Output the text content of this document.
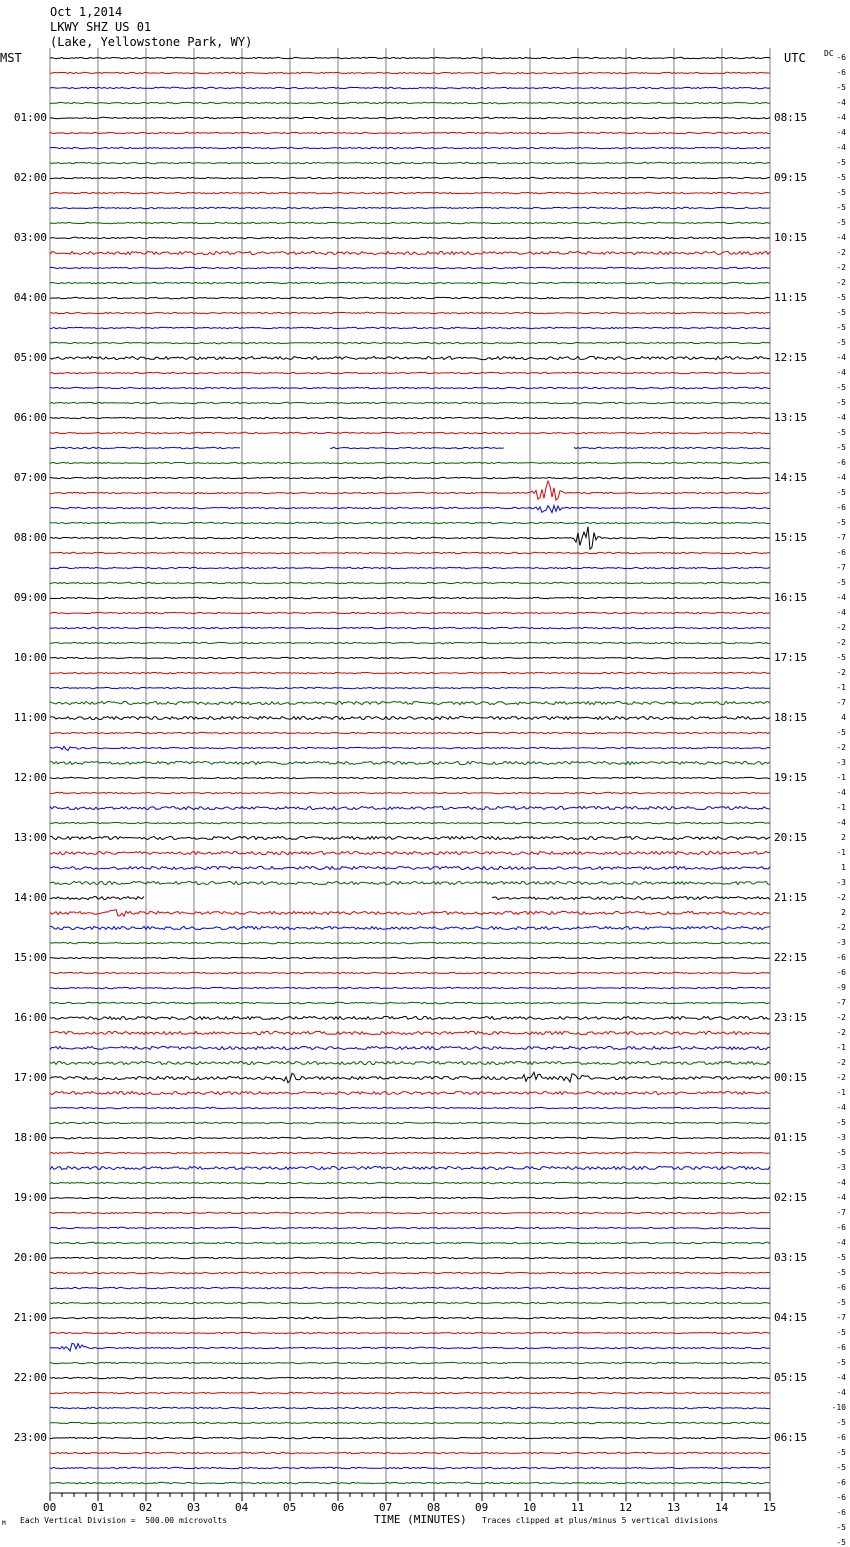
Oct 1,2014
LKWY SHZ US 01
(Lake, Yellowstone Park, WY)
MST	UTC DC
01:00
02:00
03:00
04:00
05:00
06:00
07:00
08:00
09:00
10:00
11:00
12:00
13:00
14:00
15:00
16:00
17:00
18:00
19:00
20:00
21:00
22:00
23:00
08:15
09:15
10:15
11:15
12:15
13:15
14:15
15:15
16:15
17:15
18:15
19:15
20:15
21:15
22:15
23:15
00:15
01:15
02:15
03:15
04:15
05:15
06:15
-6
-6
-5
-4
-4
-4
-4
-5
-5
-5
-5
-5
-4
-2
-2
-2
-5
-5
-5
-5
-4
-4
-5
-5
-4
-5
-5
-6
-4
-5
-6
-5
-7
-6
-7
-5
-4
-4
-2
-2
-5
-2
-1
-7
4
-5
-2
-3
-1
-4
-1
-4
2
-1
1
-3
-2
2
-2
-3
-6
-6
-9
-7
-2
-2
-1
-2
-2
-1
-4
-5
-3
-5
-3
-4
-4
-7
-6
-4
-5
-5
-6
-5
-7
-5
-6
-5
-4
-4
-10
-5
-6
-5
-5
-6
-6
-6
-5
-5
00	01	02	03	04	05	06	07	08	09	10	11	12	13	14	15
TIME (MINUTES)
Each Vertical Division =  500.00 microvolts	Traces clipped at plus/minus 5 vertical divisions
M
